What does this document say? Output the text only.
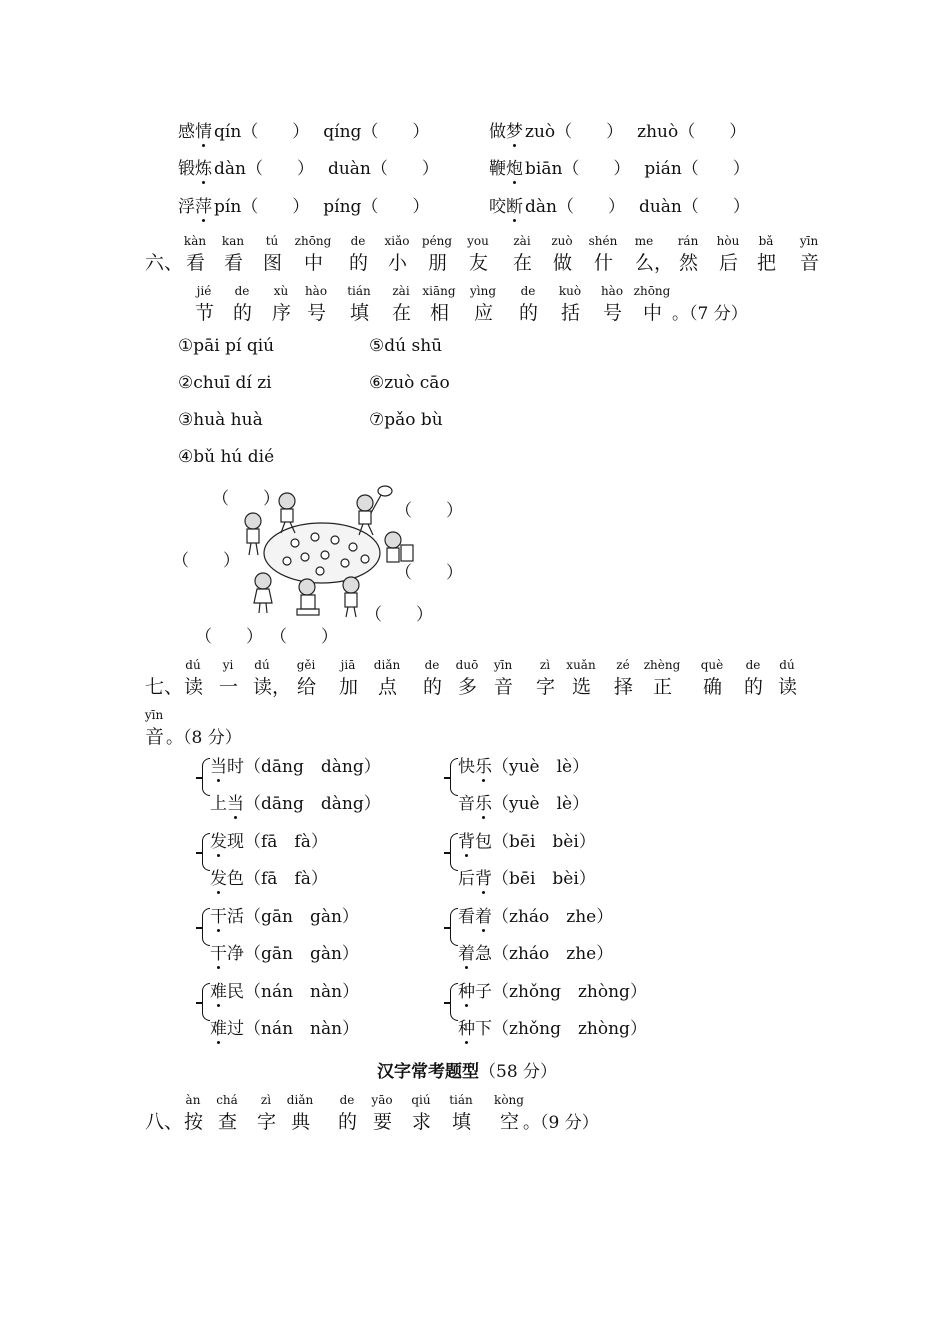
感情 qín（　　） qíng（　　）	做梦 zuò（　　） zhuò（　　）
锻炼 dàn（　　） duàn（　　）	鞭炮 biān（　　） pián（　　）
浮萍 pín（　　） píng（　　）	咬断 dàn（　　） duàn（　　）
六、
kàn
看
kan
看
tú
图
zhōng
中
de
的
xiǎo
小
péng
朋
you
友
zài
在
zuò
做
shén
什
me
么，
rán
然
hòu
后
bǎ
把
yīn
音
jié
节
de
的
xù
序
hào
号
tián
填
zài
在
xiāng
相
yìng
应
de
的
kuò
括
hào
号
zhōng
中 。（7 分）
①pāi pí qiú	⑤dú shū
②chuī dí zi	⑥zuò cāo
③huà huà	⑦pǎo bù
④bǔ hú dié
（　　）
（　　）
（　　）
（　　）
（　　）
（　　） （　　）
七、
dú
读
yi
一
dú
读，
gěi
给
jiā
加
diǎn
点
de
的
duō
多
yīn
音
zì
字
xuǎn
选
zé
择
zhèng
正
què
确
de
的
dú
读
yīn
音 。（8 分）
当时（dāng　dàng）
上当（dāng　dàng）
快乐（yuè　lè）
音乐（yuè　lè）
发现（fā　fà）
发色（fā　fà）
背包（bēi　bèi）
后背（bēi　bèi）
干活（gān　gàn）
干净（gān　gàn）
看着（zháo　zhe）
着急（zháo　zhe）
难民（nán　nàn）
难过（nán　nàn）
种子（zhǒng　zhòng）
种下（zhǒng　zhòng）
汉字常考题型（58 分）
八、
àn
按
chá
查
zì
字
diǎn
典
de
的
yāo
要
qiú
求
tián
填
kòng
空 。（9 分）
